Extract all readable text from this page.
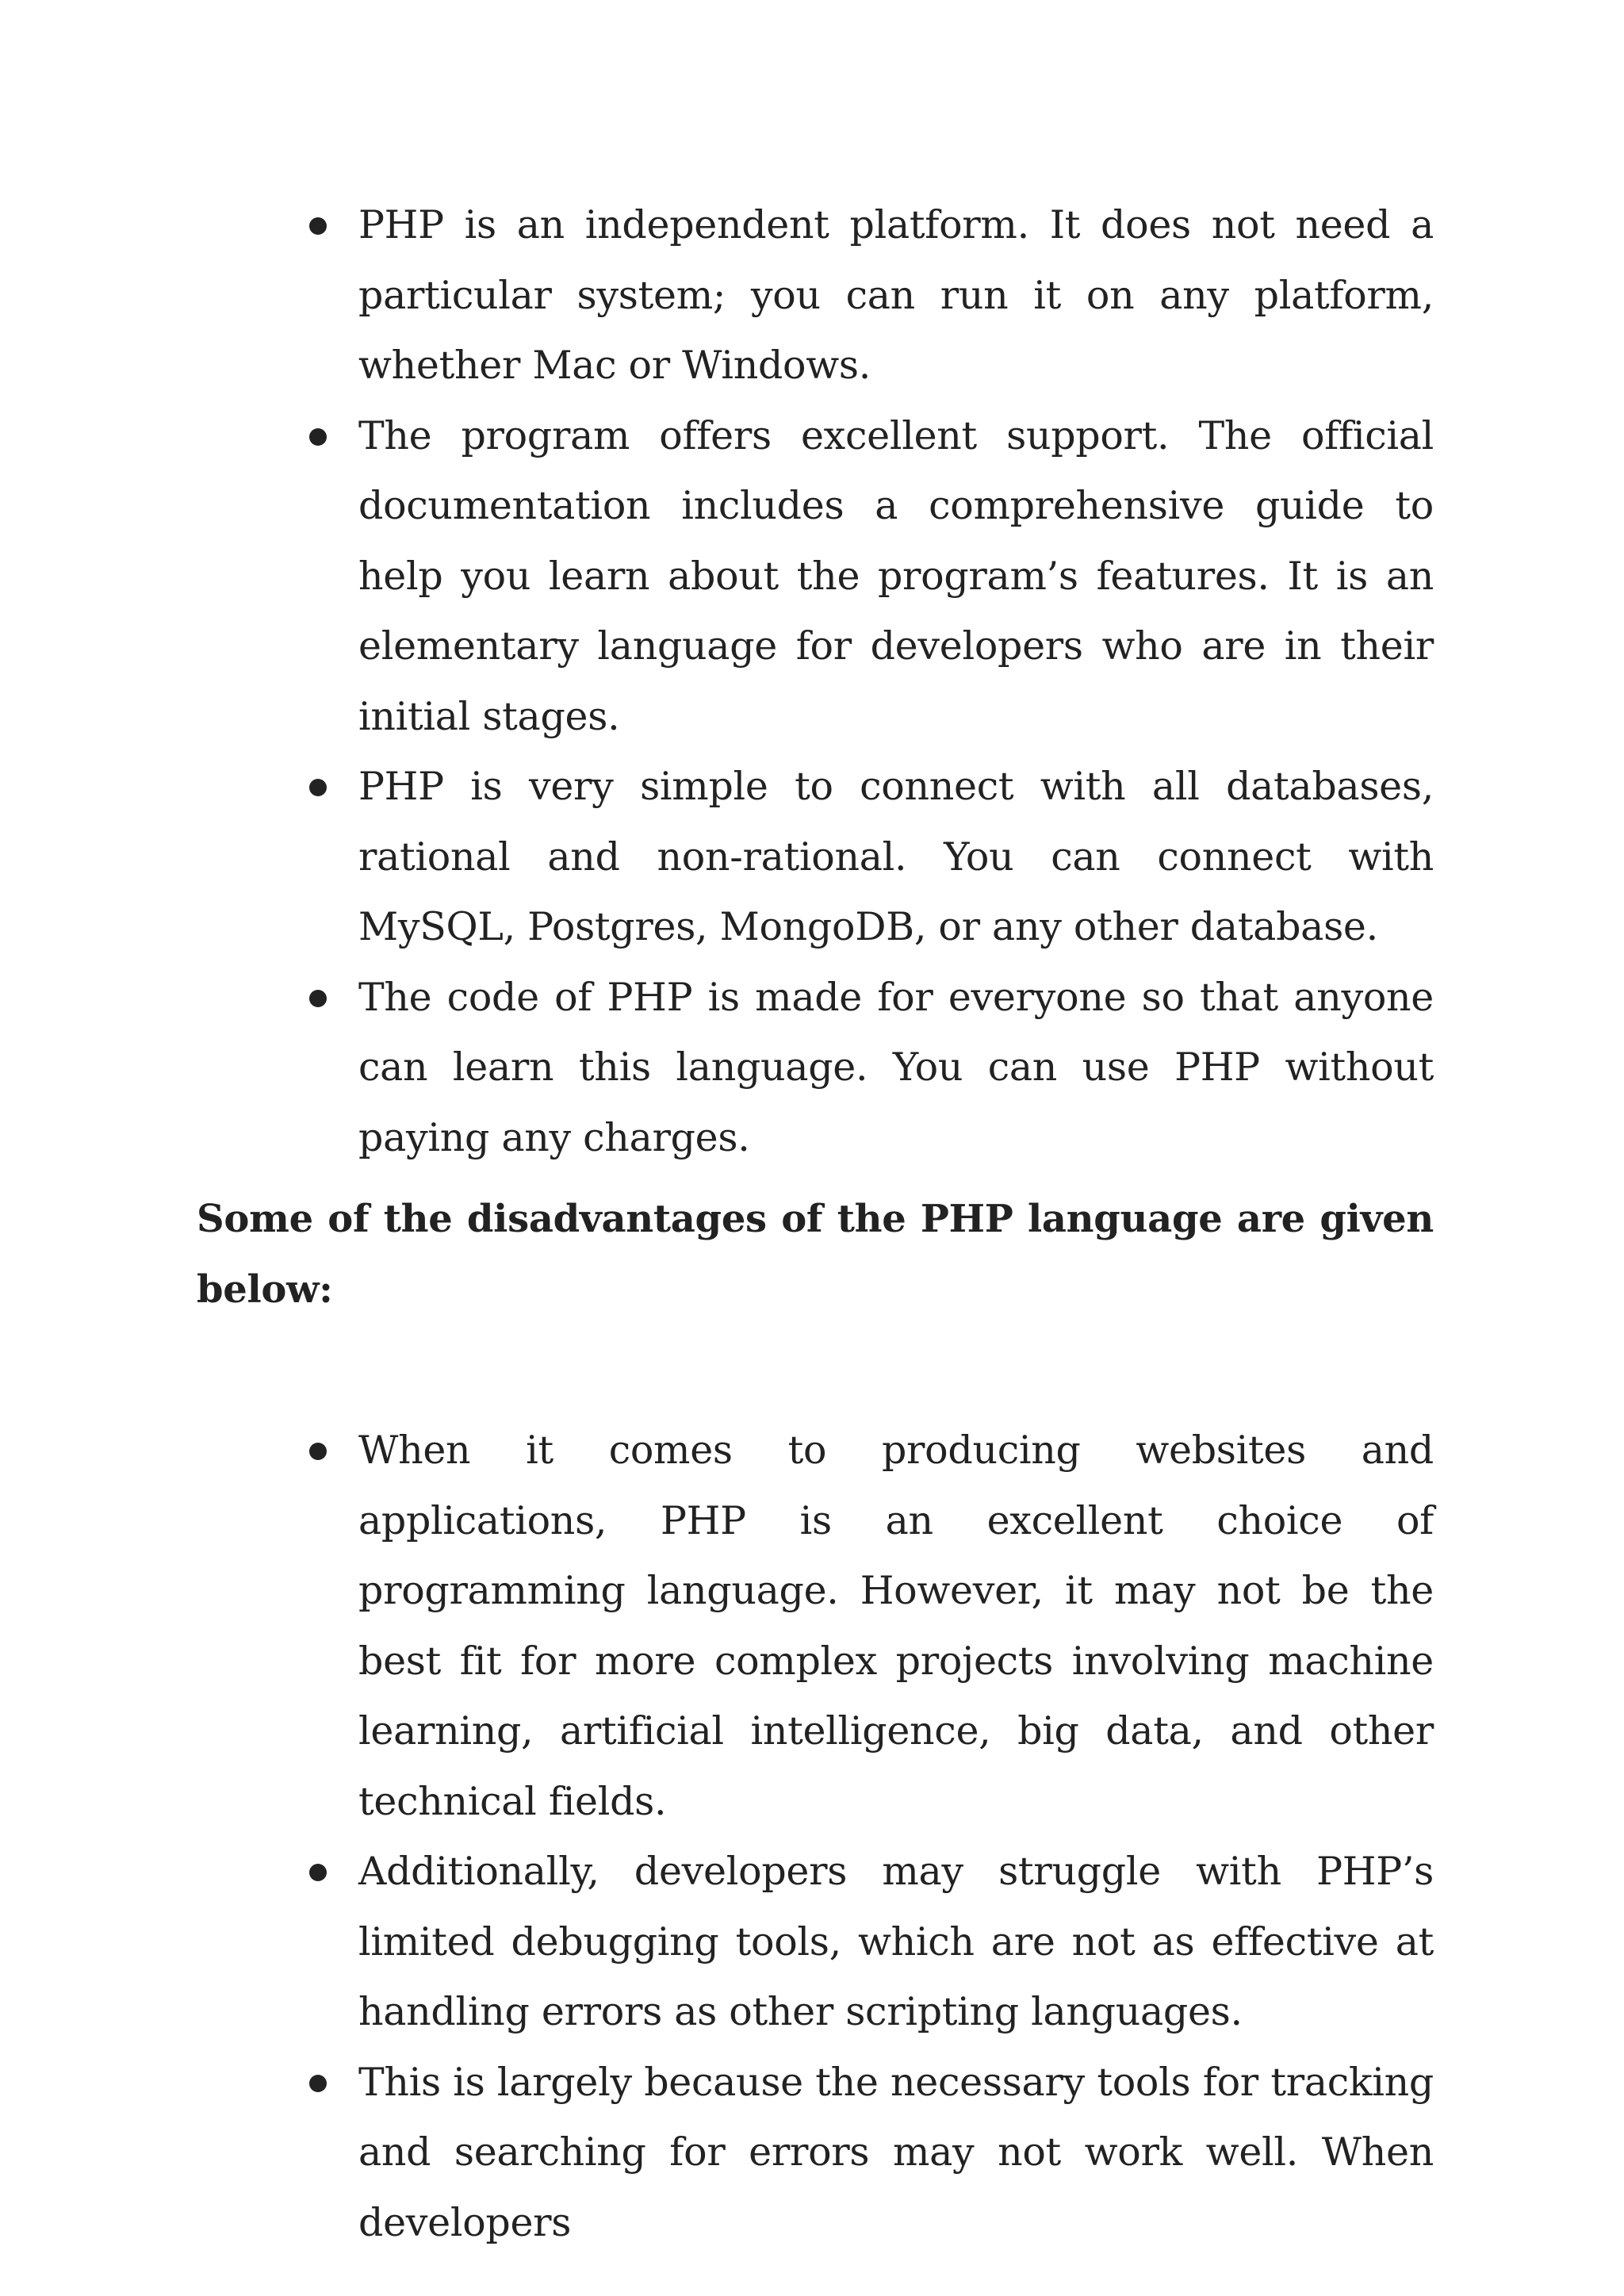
PHP is an independent platform. It does not need a particular system; you can run it on any platform, whether Mac or Windows.
The program offers excellent support. The official documentation includes a comprehensive guide to help you learn about the program’s features. It is an elementary language for developers who are in their initial stages.
PHP is very simple to connect with all databases, rational and non-rational. You can connect with MySQL, Postgres, MongoDB, or any other database.
The code of PHP is made for everyone so that anyone can learn this language. You can use PHP without paying any charges.

Some of the disadvantages of the PHP language are given below:

When it comes to producing websites and applications, PHP is an excellent choice of programming language. However, it may not be the best fit for more complex projects involving machine learning, artificial intelligence, big data, and other technical fields.
Additionally, developers may struggle with PHP’s limited debugging tools, which are not as effective at handling errors as other scripting languages.
This is largely because the necessary tools for tracking and searching for errors may not work well. When developers
